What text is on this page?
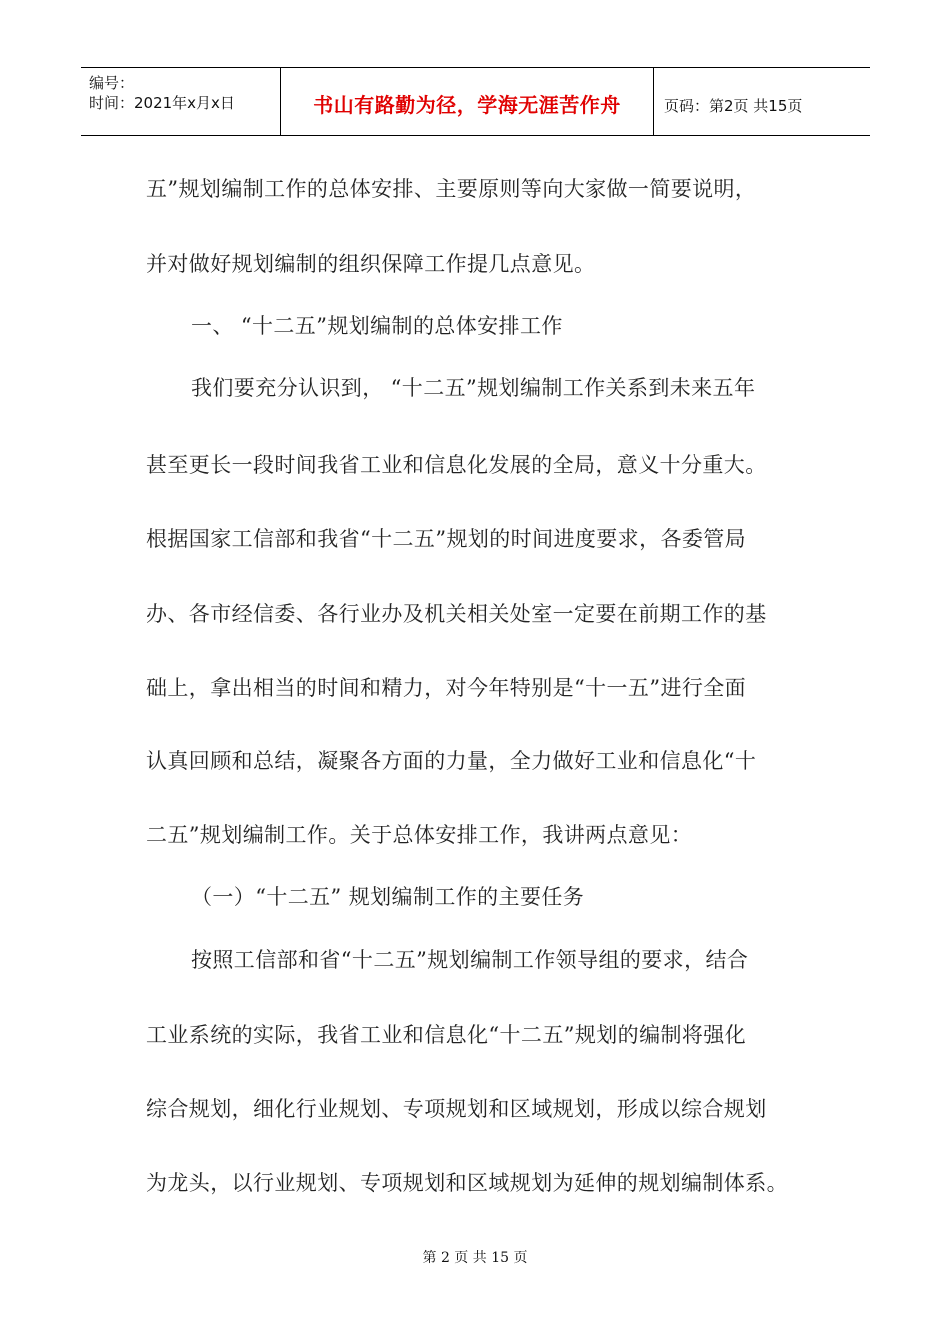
编号：
时间：2021年x月x日	书山有路勤为径，学海无涯苦作舟	页码：第2页 共15页
五”规划编制工作的总体安排、主要原则等向大家做一简要说明，
并对做好规划编制的组织保障工作提几点意见。
一、 “十二五”规划编制的总体安排工作
我们要充分认识到， “十二五”规划编制工作关系到未来五年
甚至更长一段时间我省工业和信息化发展的全局，意义十分重大。
根据国家工信部和我省“十二五”规划的时间进度要求，各委管局
办、各市经信委、各行业办及机关相关处室一定要在前期工作的基
础上，拿出相当的时间和精力，对今年特别是“十一五”进行全面
认真回顾和总结，凝聚各方面的力量，全力做好工业和信息化“十
二五”规划编制工作。关于总体安排工作，我讲两点意见：
（一）“十二五” 规划编制工作的主要任务
按照工信部和省“十二五”规划编制工作领导组的要求，结合
工业系统的实际，我省工业和信息化“十二五”规划的编制将强化
综合规划，细化行业规划、专项规划和区域规划，形成以综合规划
为龙头，以行业规划、专项规划和区域规划为延伸的规划编制体系。
第 2 页 共 15 页
